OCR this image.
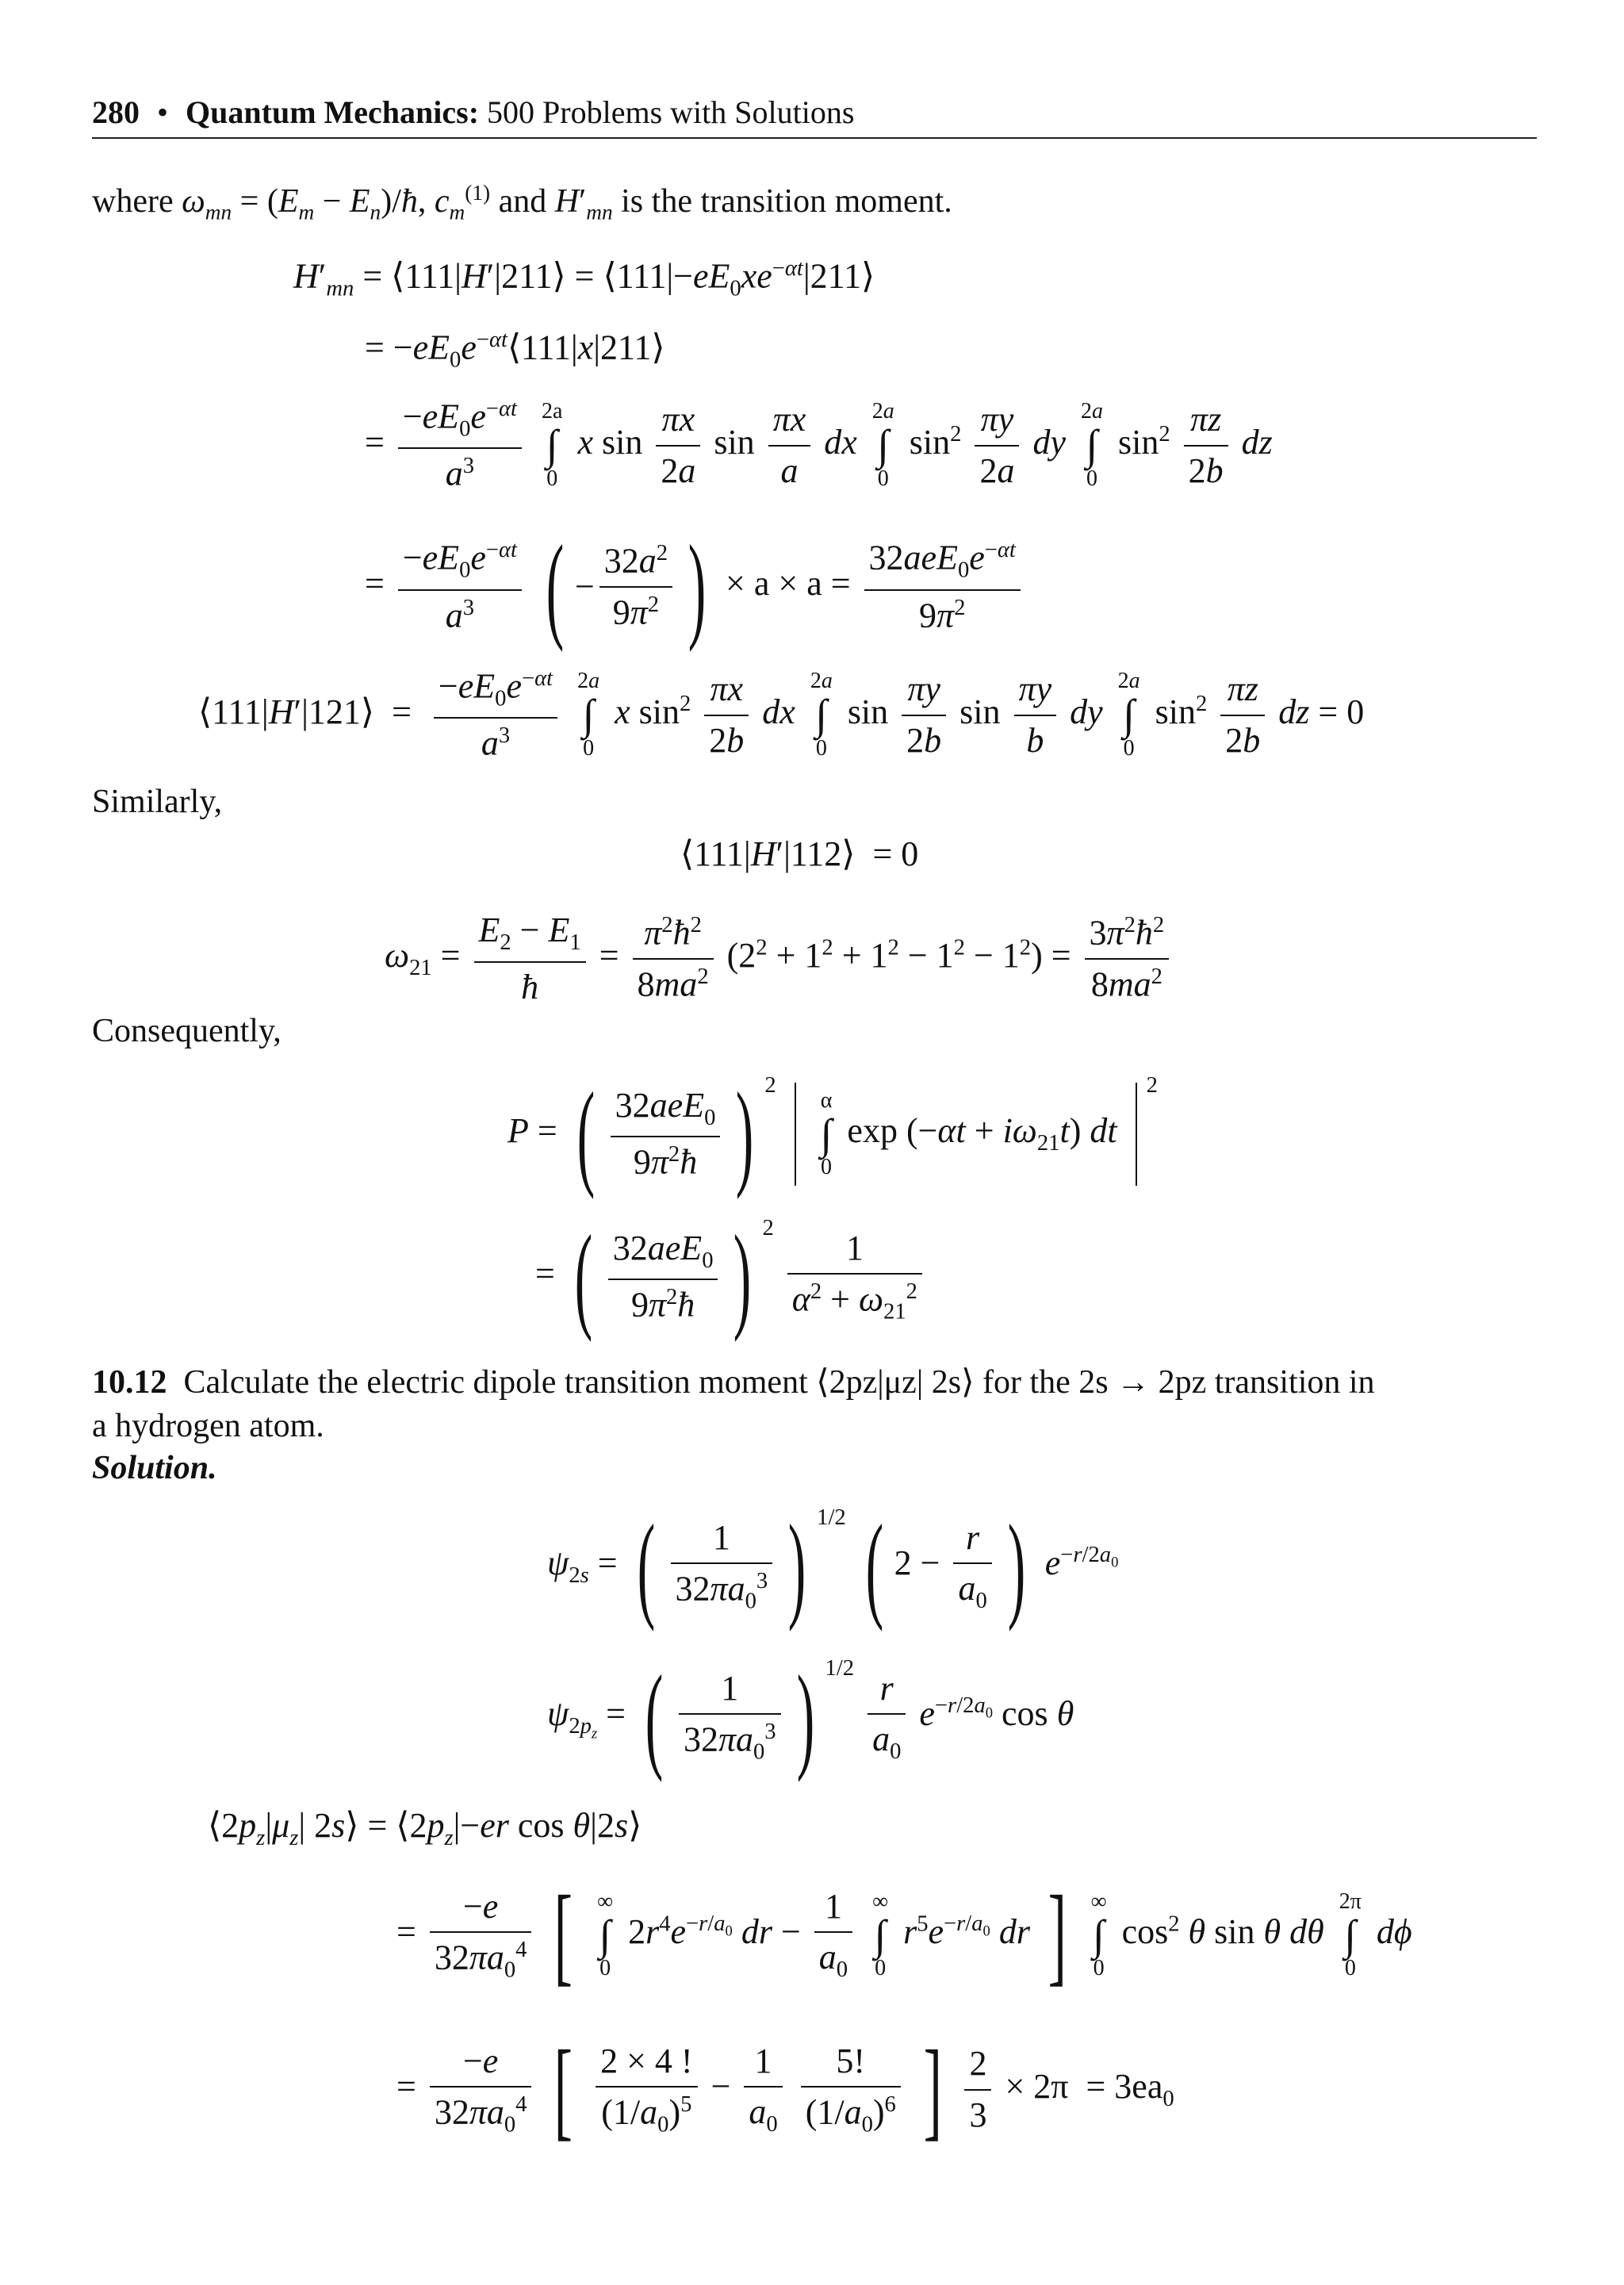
280 • Quantum Mechanics: 500 Problems with Solutions
where $\omega_{mn} = (E_m$ − $E_n)/ħ$, $c_m^{(1)}$ and $H'_{mn}$ is the transition moment.
$H'_{mn}$ = ⟨111|H′|211⟩ = $⟨111|-eE_0xe^{-\alpha t}|211⟩$
= $-eE_0e^{-\alpha t}⟨111|x|211⟩$
= $\frac{-eE_0e^{-\alpha t}}{a^3}$
2a
∫
0
x $\sin \frac{\pi x}{2a}$ $\sin \frac{\pi x}{a}$ dx
2a
∫
0
$\sin^2 \frac{\pi y}{2a}$ dy
2a
∫
0
$\sin^2 \frac{\pi z}{2b}$ dz
= $\frac{-eE_0e^{-\alpha t}}{a^3}$ ( − $\frac{32a^2}{9\pi^2}$ ) × $a \times a = \frac{32aeE_0e^{-\alpha t}}{9\pi^2}$
⟨111|H′|121⟩  = $\frac{-eE_0e^{-\alpha t}}{a^3}$
2a
∫
0
x $\sin^2 \frac{\pi x}{2b}$ dx
2a
∫
0
$\sin \frac{\pi y}{2b}$ $\sin \frac{\pi y}{b}$ dy
2a
∫
0
$\sin^2 \frac{\pi z}{2b}$ dz = 0
Similarly,
⟨111|H′|112⟩  = 0
$\omega_{21} = \frac{E_2 - E_1}{ħ} = \frac{\pi^2ħ^2}{8ma^2} (2^2 + 1^2 + 1^2 - 1^2 - 1^2) = \frac{3\pi^2ħ^2}{8ma^2}$
Consequently,
P = ( $\frac{32aeE_0}{9\pi^2ħ}$ ) $^2$
α
∫
0
$\exp (-\alpha t + i\omega_{21}t)$ dt $^2$
= ( $\frac{32aeE_0}{9\pi^2ħ}$ ) $^2$
$\frac{1}{\alpha^2 + \omega_{21}^2}$
10.12 Calculate the electric dipole transition moment ⟨2pz|μz| 2s⟩ for the 2s → 2pz transition in
a hydrogen atom.
Solution.
$\psi_{2s}$ = ( $\frac{1}{32\pi a_0^3}$ ) $^{1/2}$ ( $2 - \frac{r}{a_0}$ ) $e^{-r/2a_0}$
$\psi_{2p_z}$ = ( $\frac{1}{32\pi a_0^3}$ ) $^{1/2}$
$\frac{r}{a_0} e^{-r/2a_0}$ cos θ
$⟨2p_z|\mu_z|$ 2s⟩ = $⟨2p_z|-er$ cos θ|2s⟩
= $\frac{-e}{32\pi a_0^4}$ [ ∞
∫
0
$2r^4e^{-r/a_0}$ dr − $\frac{1}{a_0}$
∞
∫
0
$r^5e^{-r/a_0}$ dr ] ∞
∫
0
$\cos^2 \theta$ sin θ dθ
2π
∫
0
dϕ
= $\frac{-e}{32\pi a_0^4}$ [ $\frac{2 \times 4 !}{(1/a_0)^5} - \frac{1}{a_0}$
$\frac{5!}{(1/a_0)^6}$ ] $\frac{2}{3} \times 2\pi = 3ea_0$
